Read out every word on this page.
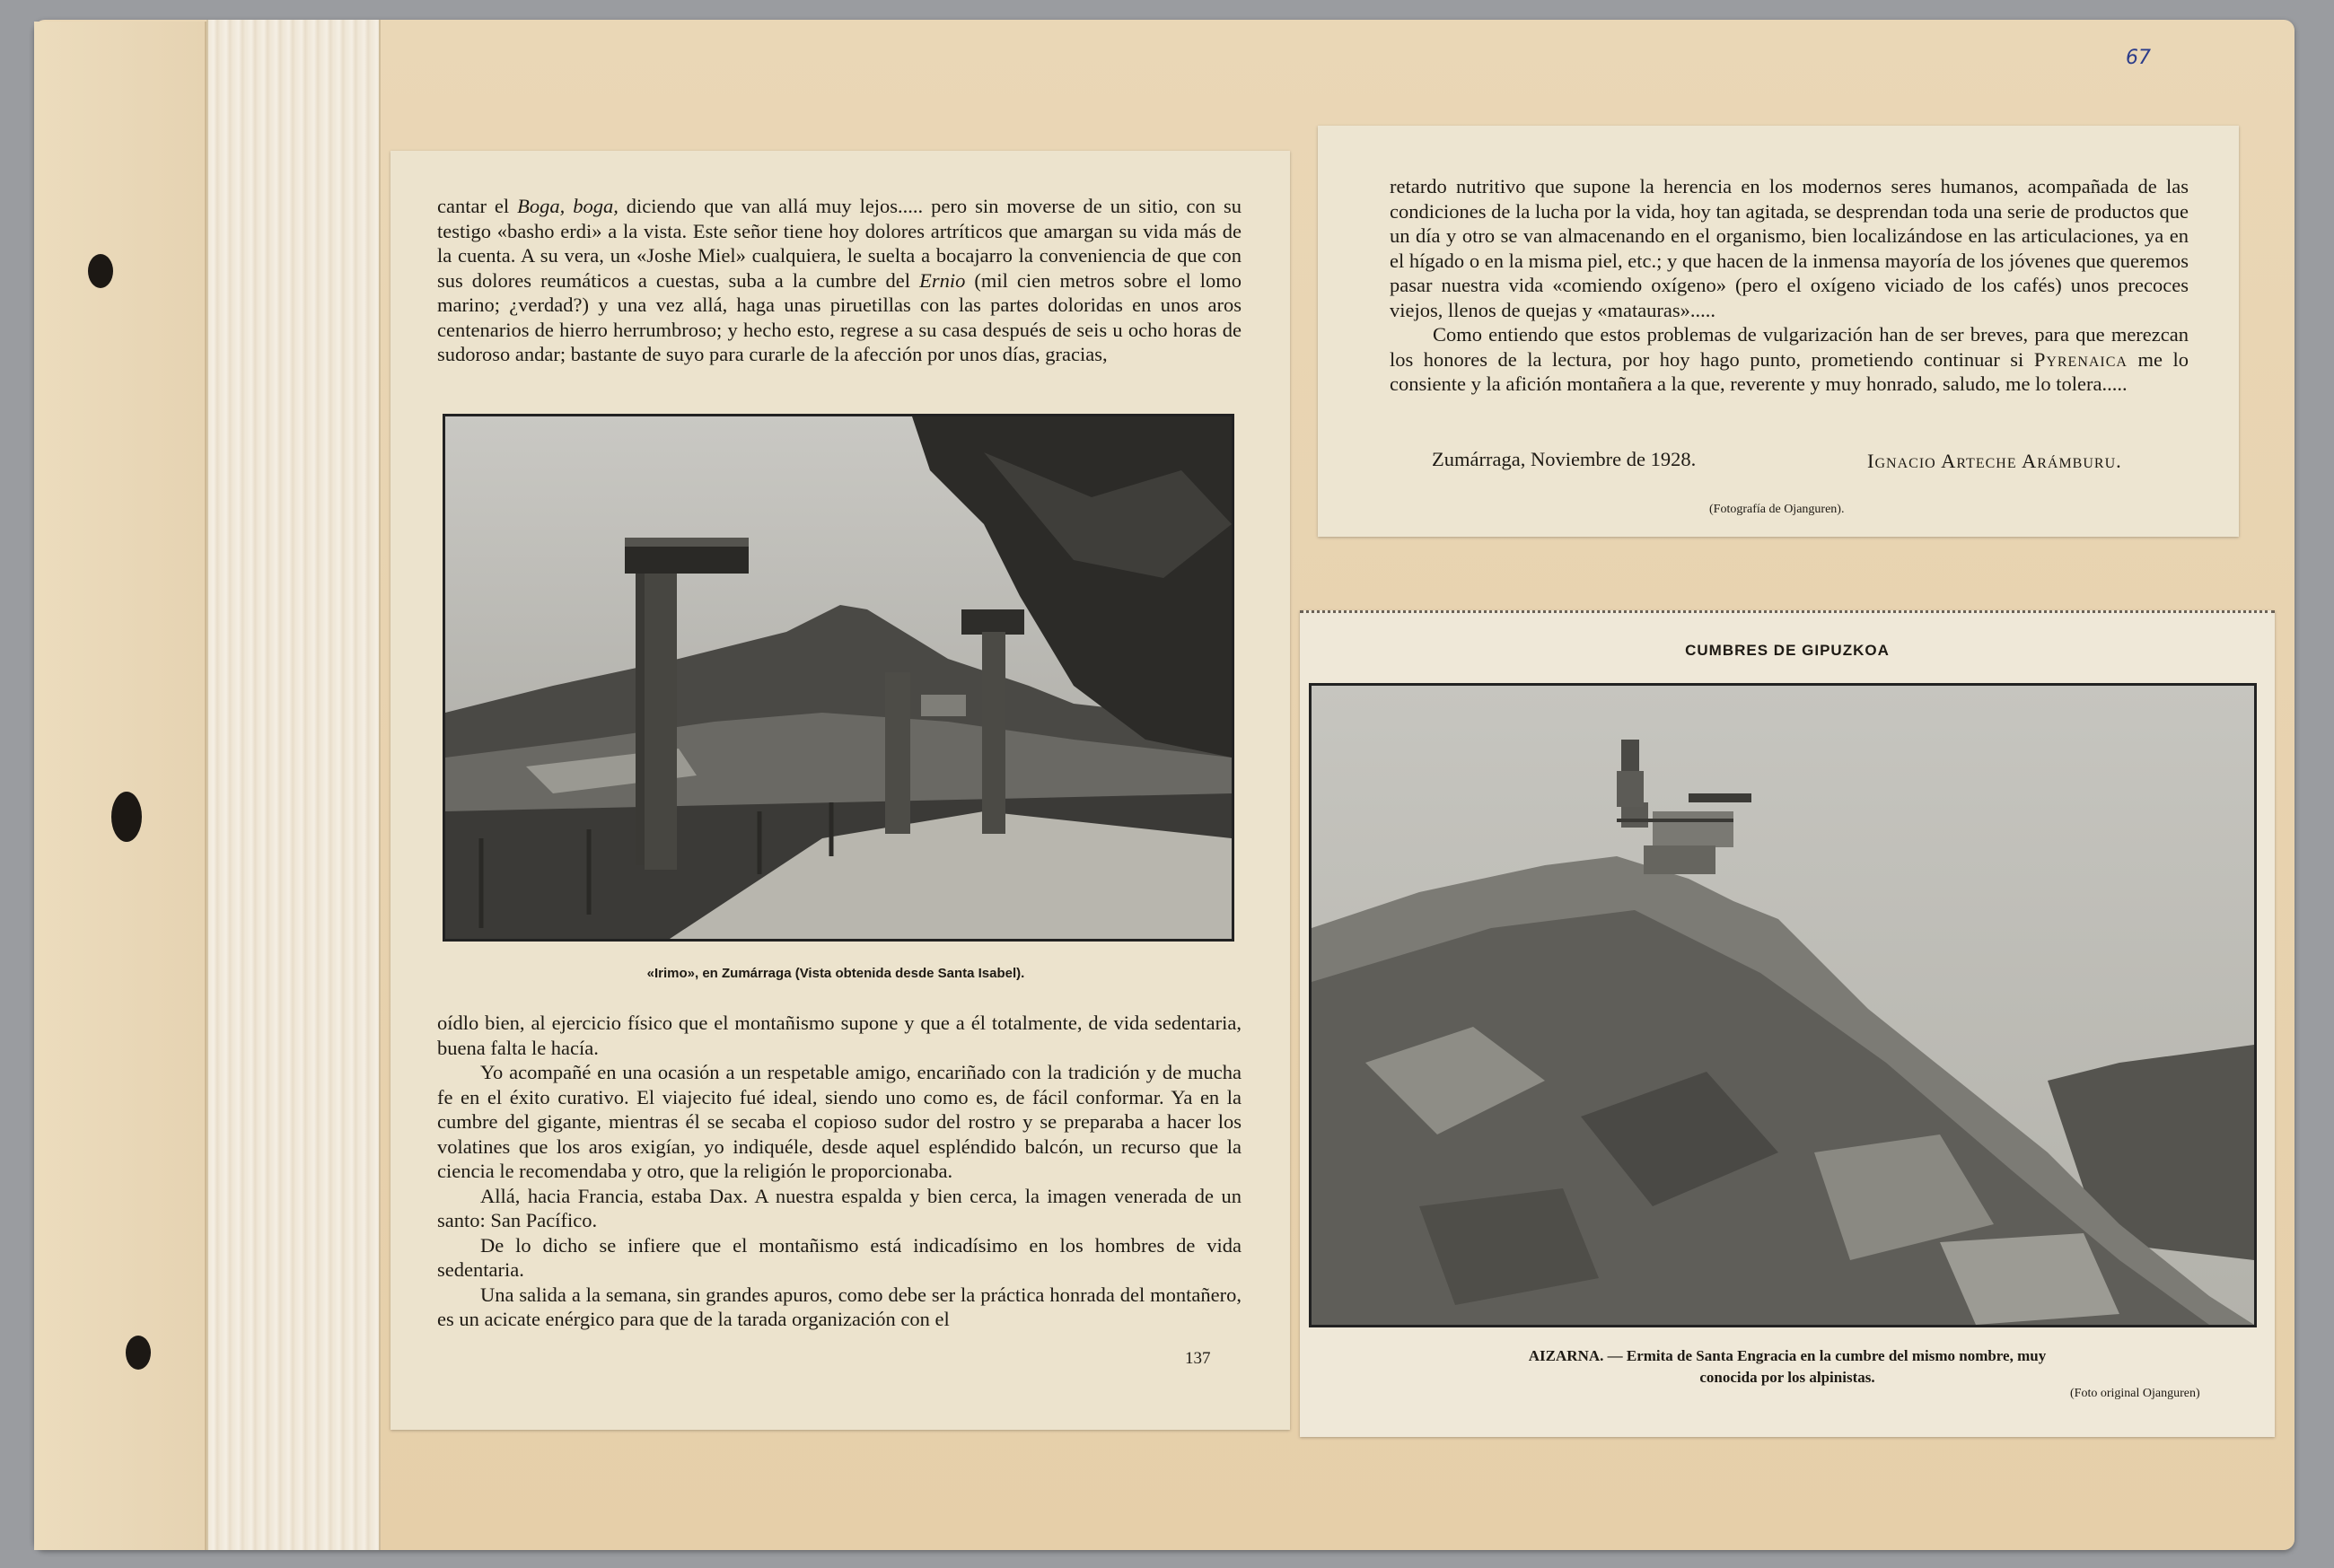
67

cantar el Boga, boga, diciendo que van allá muy lejos..... pero sin moverse de un sitio, con su testigo «basho erdi» a la vista. Este señor tiene hoy dolores artríticos que amargan su vida más de la cuenta. A su vera, un «Joshe Miel» cualquiera, le suelta a bocajarro la conveniencia de que con sus dolores reumáticos a cuestas, suba a la cumbre del Ernio (mil cien metros sobre el lomo marino; ¿verdad?) y una vez allá, haga unas piruetillas con las partes doloridas en unos aros centenarios de hierro herrumbroso; y hecho esto, regrese a su casa después de seis u ocho horas de sudoroso andar; bastante de suyo para curarle de la afección por unos días, gracias,

«Irimo», en Zumárraga (Vista obtenida desde Santa Isabel).

oídlo bien, al ejercicio físico que el montañismo supone y que a él totalmente, de vida sedentaria, buena falta le hacía.

Yo acompañé en una ocasión a un respetable amigo, encariñado con la tradición y de mucha fe en el éxito curativo. El viajecito fué ideal, siendo uno como es, de fácil conformar. Ya en la cumbre del gigante, mientras él se secaba el copioso sudor del rostro y se preparaba a hacer los volatines que los aros exigían, yo indiquéle, desde aquel espléndido balcón, un recurso que la ciencia le recomendaba y otro, que la religión le proporcionaba.

Allá, hacia Francia, estaba Dax. A nuestra espalda y bien cerca, la imagen venerada de un santo: San Pacífico.

De lo dicho se infiere que el montañismo está indicadísimo en los hombres de vida sedentaria.

Una salida a la semana, sin grandes apuros, como debe ser la práctica honrada del montañero, es un acicate enérgico para que de la tarada organización con el

137

retardo nutritivo que supone la herencia en los modernos seres humanos, acompañada de las condiciones de la lucha por la vida, hoy tan agitada, se desprendan toda una serie de productos que un día y otro se van almacenando en el organismo, bien localizándose en las articulaciones, ya en el hígado o en la misma piel, etc.; y que hacen de la inmensa mayoría de los jóvenes que queremos pasar nuestra vida «comiendo oxígeno» (pero el oxígeno viciado de los cafés) unos precoces viejos, llenos de quejas y «matauras».....

Como entiendo que estos problemas de vulgarización han de ser breves, para que merezcan los honores de la lectura, por hoy hago punto, prometiendo continuar si Pyrenaica me lo consiente y la afición montañera a la que, reverente y muy honrado, saludo, me lo tolera.....

Zumárraga, Noviembre de 1928.	Ignacio Arteche Arámburu.
(Fotografía de Ojanguren).
CUMBRES DE GIPUZKOA
AIZARNA. — Ermita de Santa Engracia en la cumbre del mismo nombre, muy
conocida por los alpinistas.
(Foto original Ojanguren)
